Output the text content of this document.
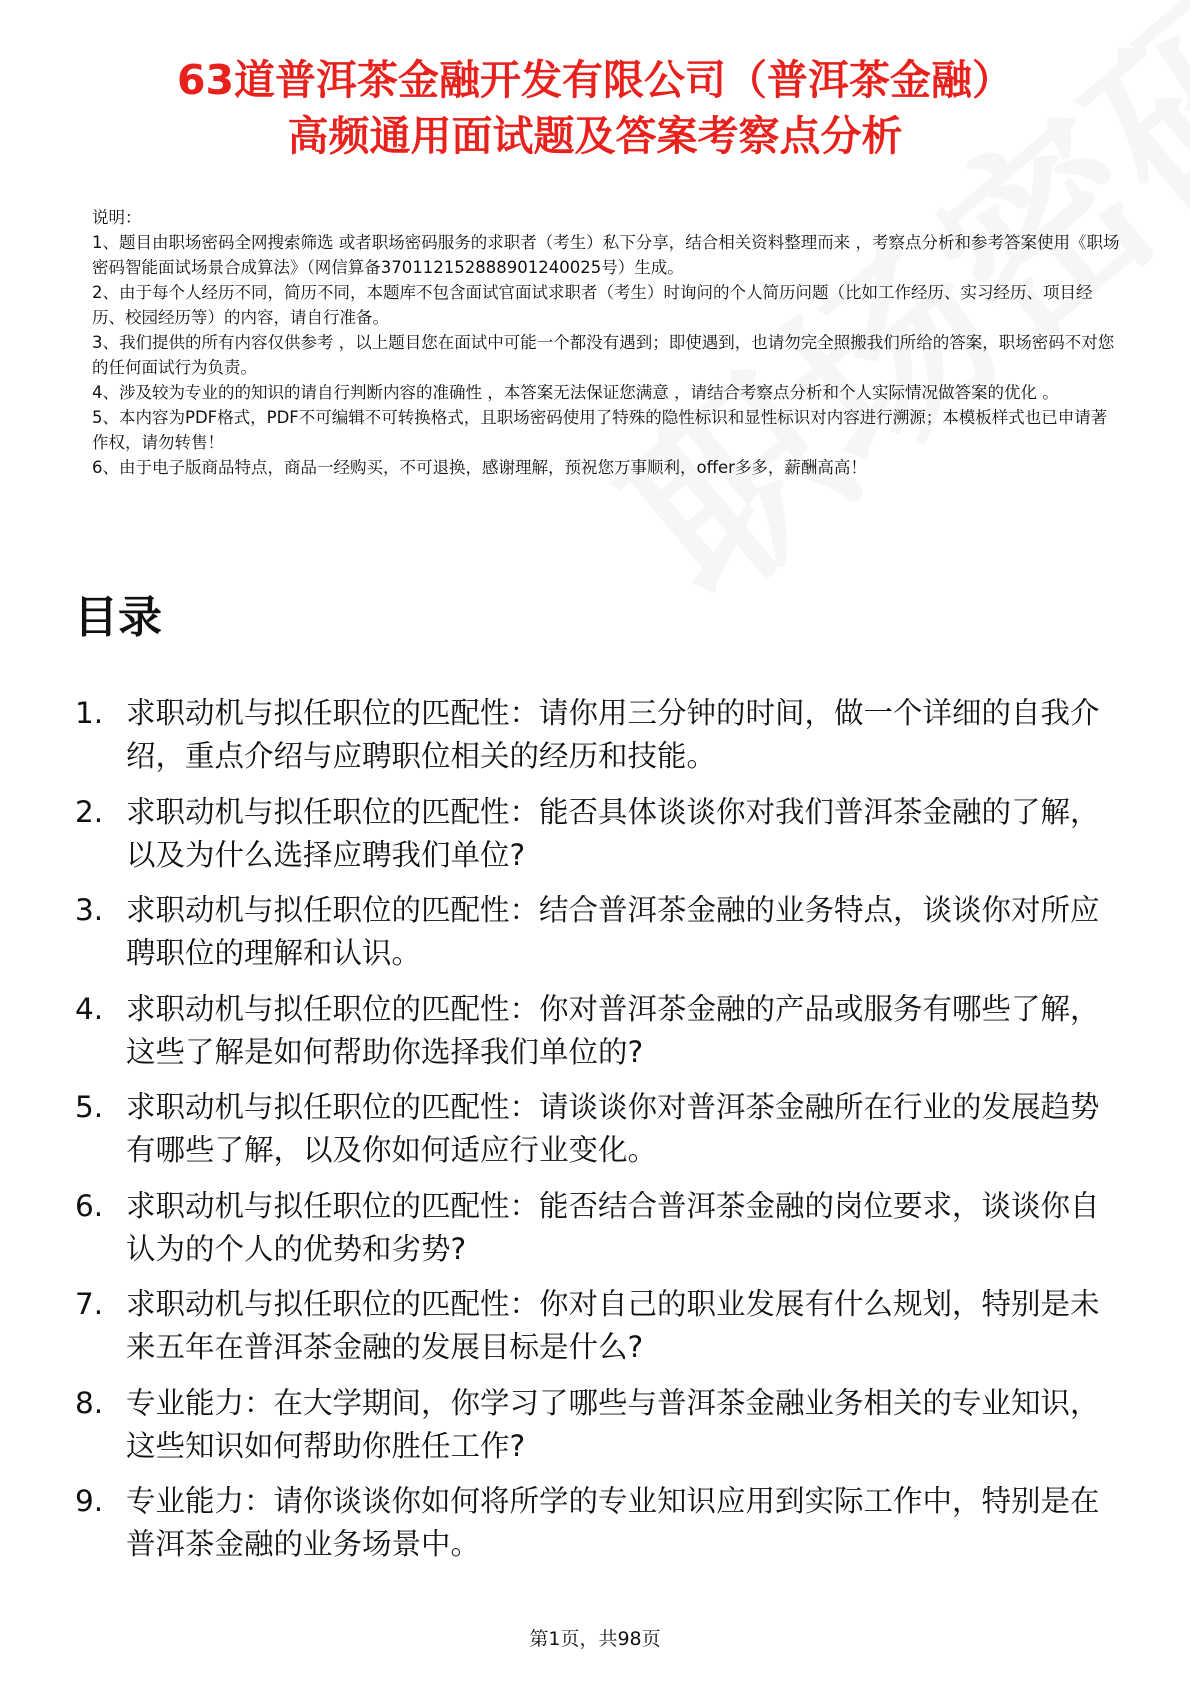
63道普洱茶金融开发有限公司（普洱茶金融）
高频通用面试题及答案考察点分析

说明：

1、题目由职场密码全网搜索筛选 或者职场密码服务的求职者（考生）私下分享，结合相关资料整理而来 ，考察点分析和参考答案使用《职场密码智能面试场景合成算法》（网信算备370112152888901240025号）生成。

2、由于每个人经历不同，简历不同，本题库不包含面试官面试求职者（考生）时询问的个人简历问题（比如工作经历、实习经历、项目经历、校园经历等）的内容，请自行准备。

3、我们提供的所有内容仅供参考 ，以上题目您在面试中可能一个都没有遇到；即使遇到，也请勿完全照搬我们所给的答案，职场密码不对您的任何面试行为负责。

4、涉及较为专业的的知识的请自行判断内容的准确性 ，本答案无法保证您满意 ，请结合考察点分析和个人实际情况做答案的优化 。

5、本内容为PDF格式，PDF不可编辑不可转换格式，且职场密码使用了特殊的隐性标识和显性标识对内容进行溯源；本模板样式也已申请著作权，请勿转售！

6、由于电子版商品特点，商品一经购买，不可退换，感谢理解，预祝您万事顺利，offer多多，薪酬高高！

目录
1. 求职动机与拟任职位的匹配性：请你用三分钟的时间，做一个详细的自我介绍，重点介绍与应聘职位相关的经历和技能。
2. 求职动机与拟任职位的匹配性：能否具体谈谈你对我们普洱茶金融的了解，以及为什么选择应聘我们单位?
3. 求职动机与拟任职位的匹配性：结合普洱茶金融的业务特点，谈谈你对所应聘职位的理解和认识。
4. 求职动机与拟任职位的匹配性：你对普洱茶金融的产品或服务有哪些了解，这些了解是如何帮助你选择我们单位的?
5. 求职动机与拟任职位的匹配性：请谈谈你对普洱茶金融所在行业的发展趋势有哪些了解，以及你如何适应行业变化。
6. 求职动机与拟任职位的匹配性：能否结合普洱茶金融的岗位要求，谈谈你自认为的个人的优势和劣势?
7. 求职动机与拟任职位的匹配性：你对自己的职业发展有什么规划，特别是未来五年在普洱茶金融的发展目标是什么?
8. 专业能力：在大学期间，你学习了哪些与普洱茶金融业务相关的专业知识，这些知识如何帮助你胜任工作?
9. 专业能力：请你谈谈你如何将所学的专业知识应用到实际工作中，特别是在普洱茶金融的业务场景中。
第1页，共98页
